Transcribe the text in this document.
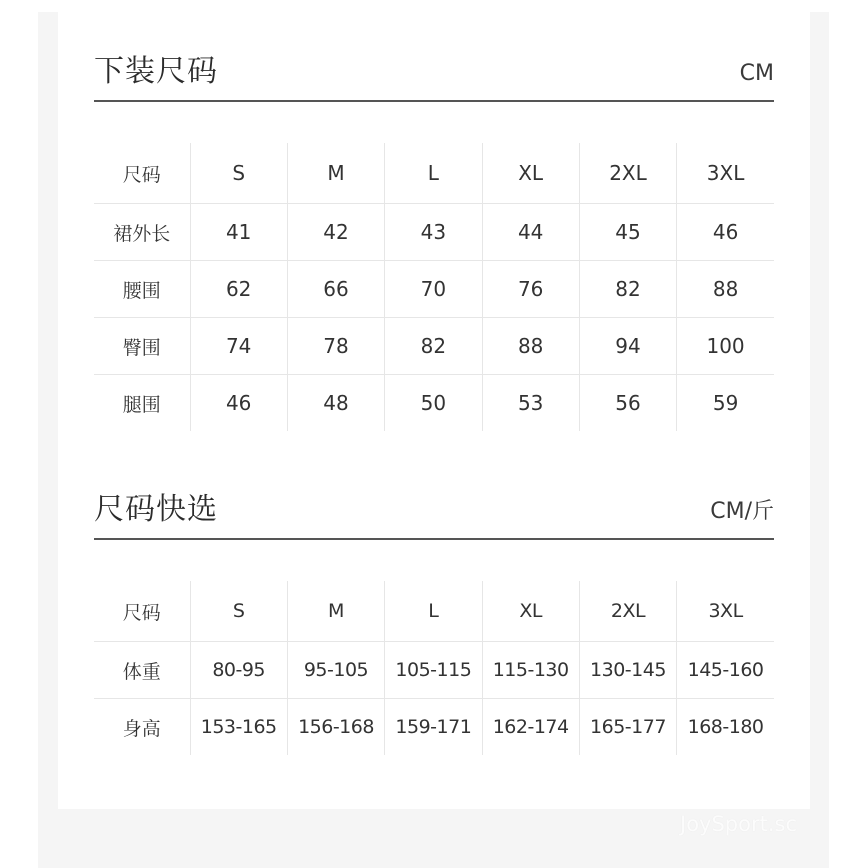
下装尺码	CM
尺码	S	M	L	XL	2XL	3XL
裙外长	41	42	43	44	45	46
腰围	62	66	70	76	82	88
臀围	74	78	82	88	94	100
腿围	46	48	50	53	56	59
尺码快选	CM/斤
尺码	S	M	L	XL	2XL	3XL
体重	80-95	95-105	105-115	115-130	130-145	145-160
身高	153-165	156-168	159-171	162-174	165-177	168-180
JoySport.sc
